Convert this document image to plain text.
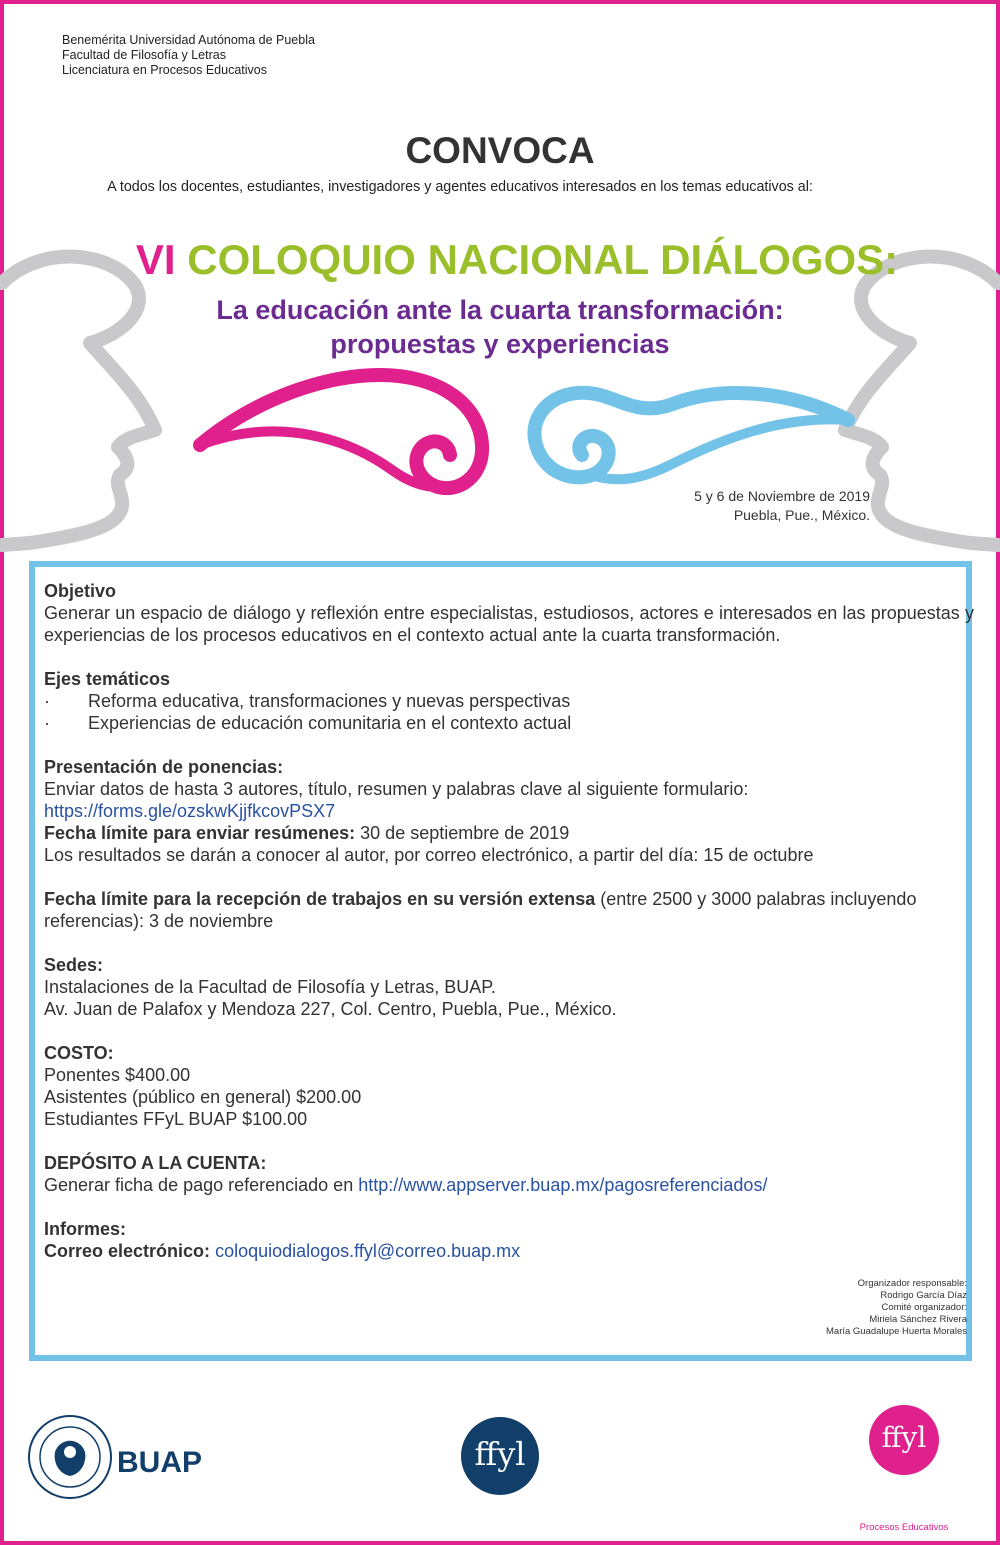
Benemérita Universidad Autónoma de Puebla
Facultad de Filosofía y Letras
Licenciatura en Procesos Educativos
CONVOCA
A todos los docentes, estudiantes, investigadores y agentes educativos interesados en los temas educativos al:
VI COLOQUIO NACIONAL DIÁLOGOS:
La educación ante la cuarta transformación:
propuestas y experiencias
5 y 6 de Noviembre de 2019
Puebla, Pue., México.
Objetivo

Generar un espacio de diálogo y reflexión entre especialistas, estudiosos, actores e interesados en las propuestas y experiencias de los procesos educativos en el contexto actual ante la cuarta transformación.

Ejes temáticos
·	Reforma educativa, transformaciones y nuevas perspectivas
·	Experiencias de educación comunitaria en el contexto actual
Presentación de ponencias:
Enviar datos de hasta 3 autores, título, resumen y palabras clave al siguiente formulario:
https://forms.gle/ozskwKjjfkcovPSX7
Fecha límite para enviar resúmenes: 30 de septiembre de 2019
Los resultados se darán a conocer al autor, por correo electrónico, a partir del día: 15 de octubre
Fecha límite para la recepción de trabajos en su versión extensa (entre 2500 y 3000 palabras incluyendo referencias): 3 de noviembre
Sedes:
Instalaciones de la Facultad de Filosofía y Letras, BUAP.
Av. Juan de Palafox y Mendoza 227, Col. Centro, Puebla, Pue., México.
COSTO:
Ponentes $400.00
Asistentes (público en general) $200.00
Estudiantes FFyL BUAP $100.00
DEPÓSITO A LA CUENTA:
Generar ficha de pago referenciado en http://www.appserver.buap.mx/pagosreferenciados/
Informes:
Correo electrónico: coloquiodialogos.ffyl@correo.buap.mx
Organizador responsable:
Rodrigo García Díaz
Comité organizador:
Miriela Sánchez Rivera
María Guadalupe Huerta Morales
BUAP	ffyl	ffyl
Procesos Educativos
